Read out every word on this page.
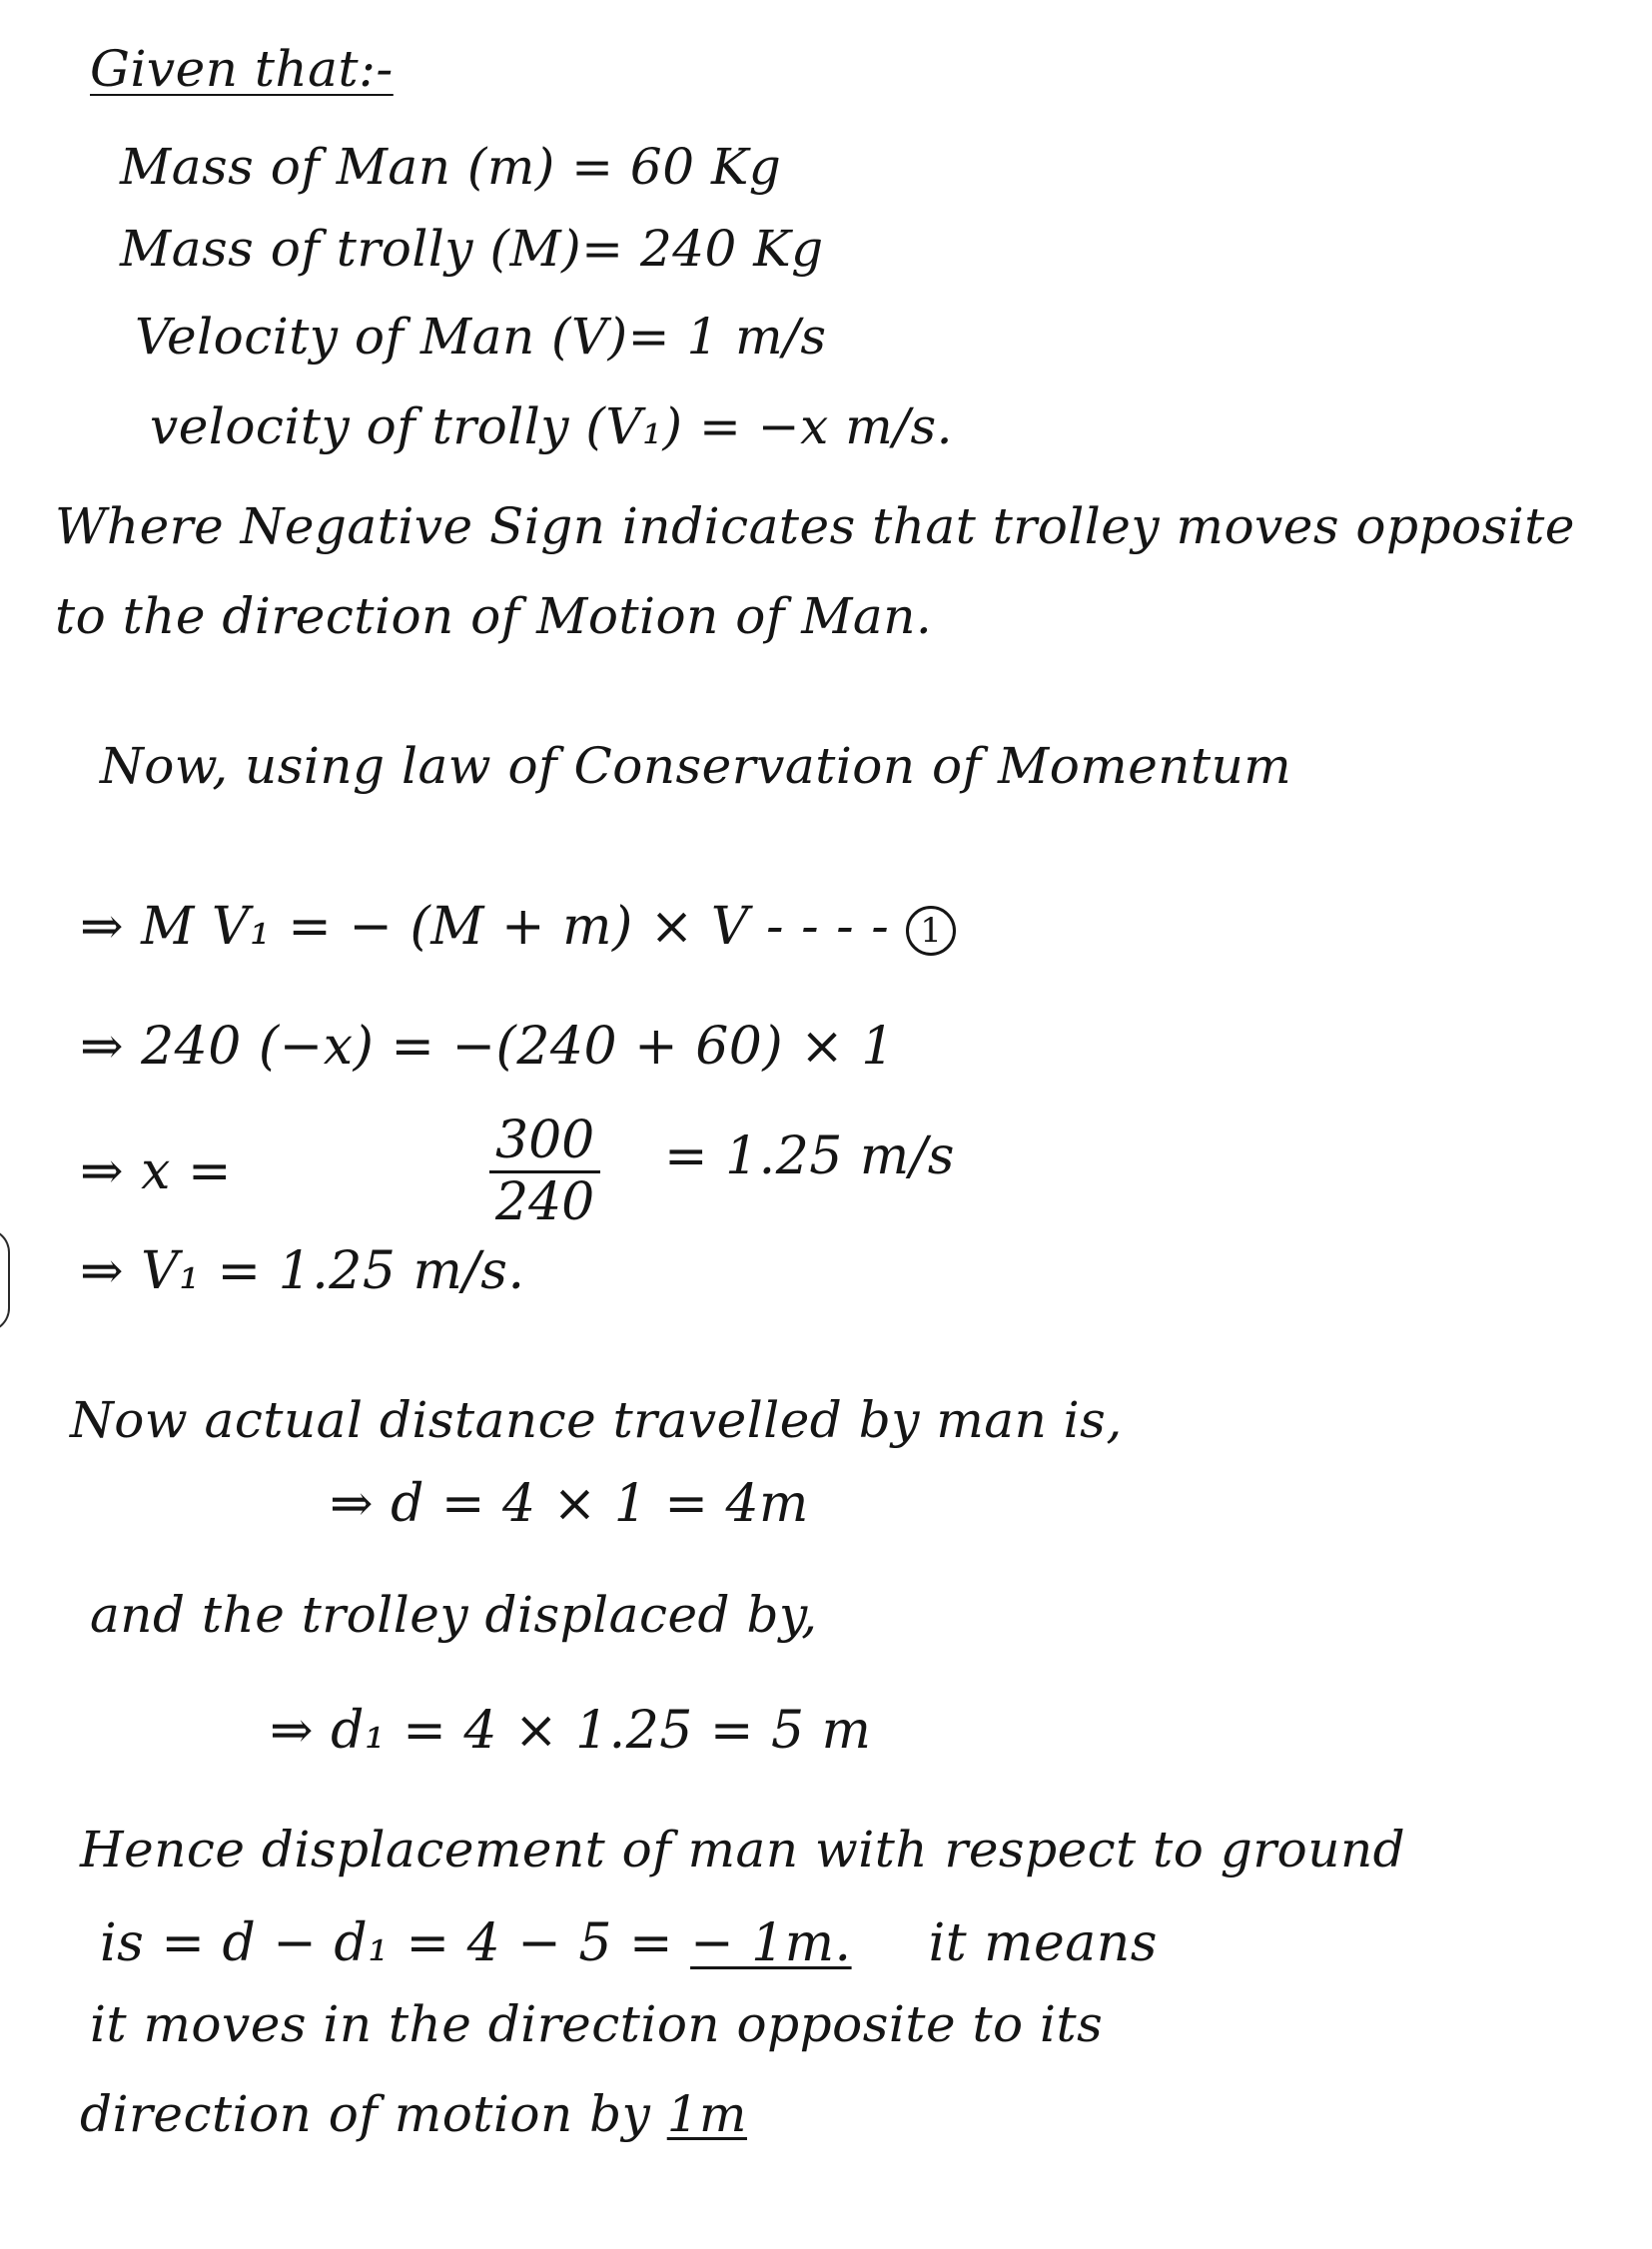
Given that:-
Mass of Man (m) = 60 Kg
Mass of trolly (M)= 240 Kg
Velocity of Man (V)= 1 m/s
velocity of trolly (V₁) = −x m/s.
Where Negative Sign indicates that trolley moves opposite
to the direction of Motion of Man.
Now, using law of Conservation of Momentum
⇒ M V₁ = − (M + m) × V - - - - 1
⇒ 240 (−x) = −(240 + 60) × 1
⇒ x =	$\frac{300}{240} = 1.25$ m/s
⇒ V₁ = 1.25 m/s.
Now actual distance travelled by man is,
⇒ d = 4 × 1 = 4m
and the trolley displaced by,
⇒ d₁ = 4 × 1.25 = 5 m
Hence displacement of man with respect to ground
is = d − d₁ = 4 − 5 = − 1m. it means
it moves in the direction opposite to its
direction of motion by 1m
